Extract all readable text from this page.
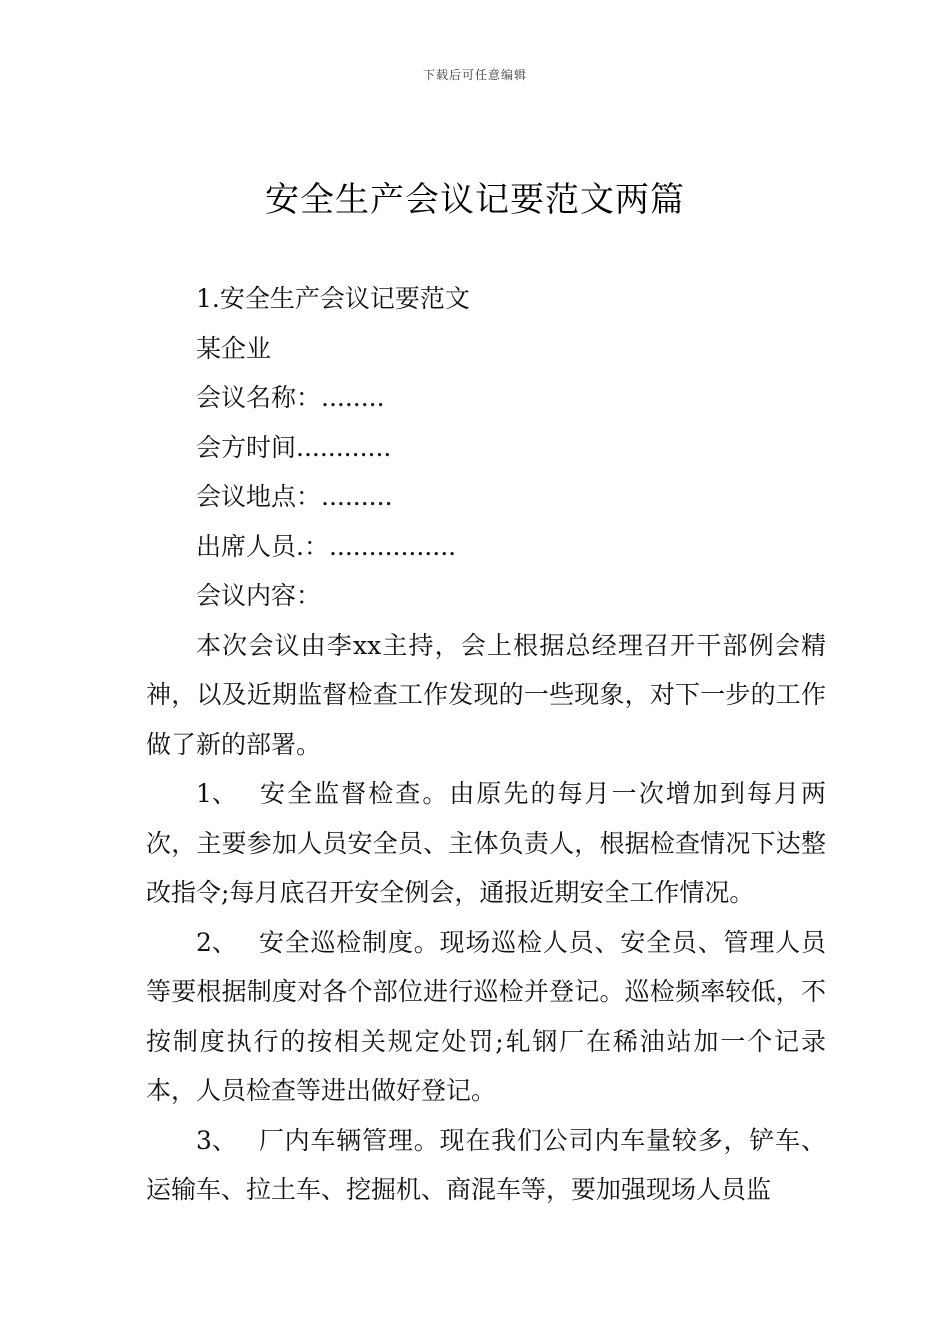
下载后可任意编辑
安全生产会议记要范文两篇

1.安全生产会议记要范文

某企业

会议名称：........

会方时间............

会议地点：.........

出席人员.：................

会议内容：

本次会议由李xx主持，会上根据总经理召开干部例会精神，以及近期监督检查工作发现的一些现象，对下一步的工作做了新的部署。

1、 安全监督检查。由原先的每月一次增加到每月两次，主要参加人员安全员、主体负责人，根据检查情况下达整改指令;每月底召开安全例会，通报近期安全工作情况。

2、 安全巡检制度。现场巡检人员、安全员、管理人员等要根据制度对各个部位进行巡检并登记。巡检频率较低，不按制度执行的按相关规定处罚;轧钢厂在稀油站加一个记录本，人员检查等进出做好登记。

3、 厂内车辆管理。现在我们公司内车量较多，铲车、运输车、拉土车、挖掘机、商混车等，要加强现场人员监
